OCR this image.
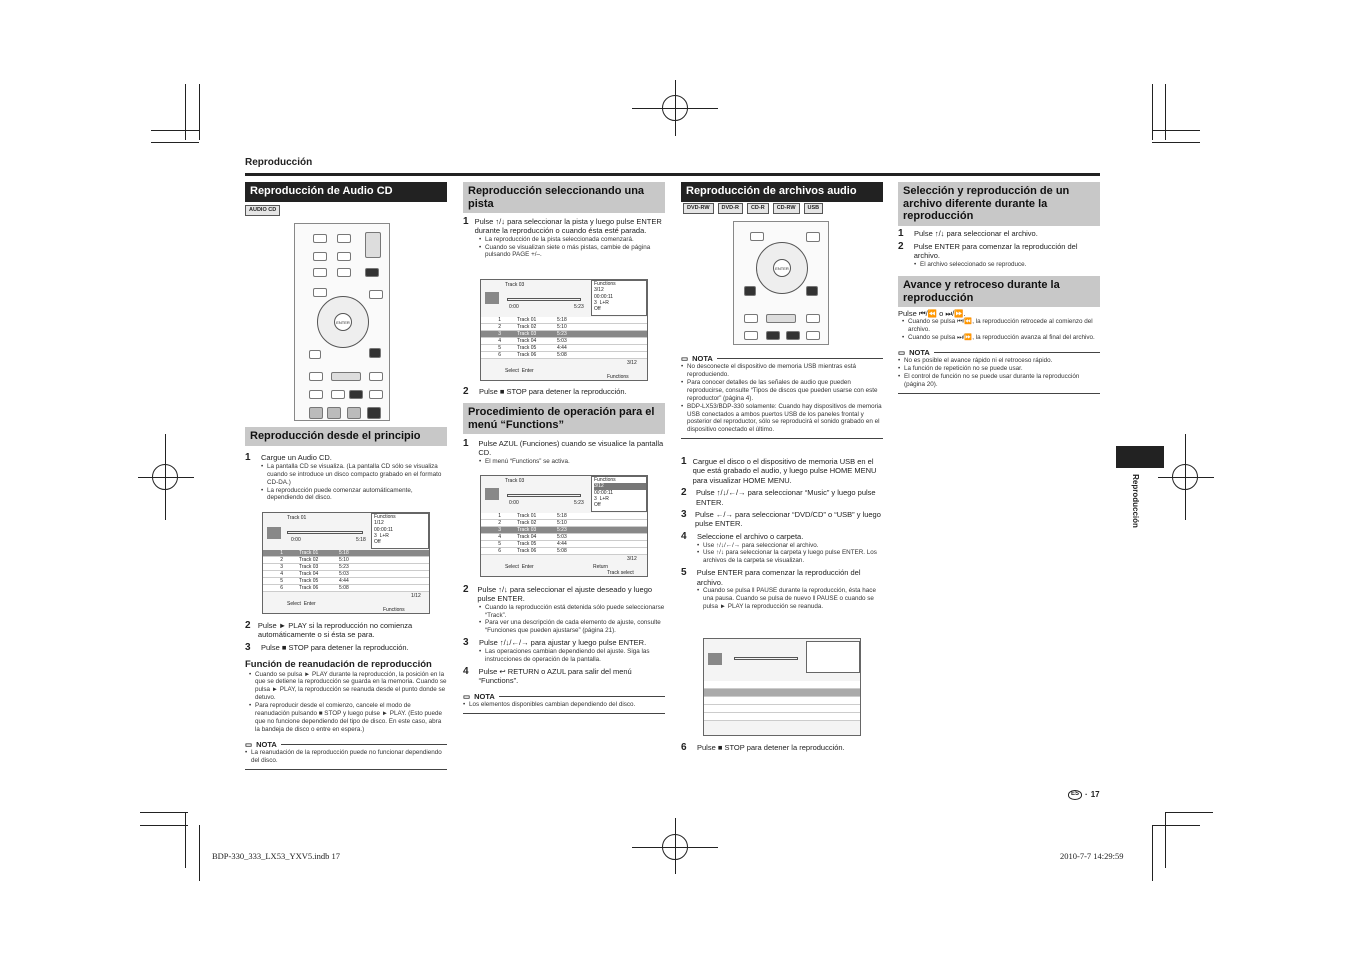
Reproducción
Reproducción de Audio CD
AUDIO CD
ENTER
Reproducción desde el principio
1	Cargue un Audio CD.
• La pantalla CD se visualiza. (La pantalla CD sólo se visualiza cuando se introduce un disco compacto grabado en el formato CD-DA.)
• La reproducción puede comenzar automáticamente, dependiendo del disco.
Track 01
0:00	5:18
Functions
1/12
00:00:11
3 L+R
Off
1	Track 01	5:18
2	Track 02	5:10
3	Track 03	5:23
4	Track 04	5:03
5	Track 05	4:44
6	Track 06	5:08
1/12
Select Enter
Functions
2 Pulse ► PLAY si la reproducción no comienza automáticamente o si ésta se para.
3	Pulse ■ STOP para detener la reproducción.
Función de reanudación de reproducción
• Cuando se pulsa ► PLAY durante la reproducción, la posición en la que se detiene la reproducción se guarda en la memoria. Cuando se pulsa ► PLAY, la reproducción se reanuda desde el punto donde se detuvo.
• Para reproducir desde el comienzo, cancele el modo de reanudación pulsando ■ STOP y luego pulse ► PLAY. (Esto puede que no funcione dependiendo del tipo de disco. En este caso, abra la bandeja de disco o entre en espera.)
▭ NOTA
• La reanudación de la reproducción puede no funcionar dependiendo del disco.
Reproducción seleccionando una pista
1 Pulse ↑/↓ para seleccionar la pista y luego pulse ENTER durante la reproducción o cuando ésta esté parada.
• La reproducción de la pista seleccionada comenzará.
• Cuando se visualizan siete o más pistas, cambie de página pulsando PAGE +/–.
Track 03
0:00	5:23
Functions
3/12
00:00:11
3 L+R
Off
1	Track 01	5:18
2	Track 02	5:10
3	Track 03	5:23
4	Track 04	5:03
5	Track 05	4:44
6	Track 06	5:08
3/12
Select Enter
Functions
2	Pulse ■ STOP para detener la reproducción.
Procedimiento de operación para el menú “Functions”
1	Pulse AZUL (Funciones) cuando se visualice la pantalla CD.
• El menú “Functions” se activa.
Track 03
0:00	5:23
Functions
3/12
00:00:11
3 L+R
Off
1	Track 01	5:18
2	Track 02	5:10
3	Track 03	5:23
4	Track 04	5:03
5	Track 05	4:44
6	Track 06	5:08
3/12
Select Enter	Return
Track select
2	Pulse ↑/↓ para seleccionar el ajuste deseado y luego pulse ENTER.
• Cuando la reproducción está detenida sólo puede seleccionarse “Track”.
• Para ver una descripción de cada elemento de ajuste, consulte “Funciones que pueden ajustarse” (página 21).
3	Pulse ↑/↓/←/→ para ajustar y luego pulse ENTER.
• Las operaciones cambian dependiendo del ajuste. Siga las instrucciones de operación de la pantalla.
4	Pulse ↩ RETURN o AZUL para salir del menú “Functions”.
▭ NOTA
• Los elementos disponibles cambian dependiendo del disco.
Reproducción de archivos audio
DVD-RW	DVD-R	CD-R	CD-RW	USB
ENTER
▭ NOTA
• No desconecte el dispositivo de memoria USB mientras está reproduciendo.
• Para conocer detalles de las señales de audio que pueden reproducirse, consulte “Tipos de discos que pueden usarse con este reproductor” (página 4).
• BDP-LX53/BDP-330 solamente: Cuando hay dispositivos de memoria USB conectados a ambos puertos USB de los paneles frontal y posterior del reproductor, sólo se reproducirá el sonido grabado en el dispositivo conectado el último.
1 Cargue el disco o el dispositivo de memoria USB en el que está grabado el audio, y luego pulse HOME MENU para visualizar HOME MENU.
2	Pulse ↑/↓/←/→ para seleccionar “Music” y luego pulse ENTER.
3	Pulse ←/→ para seleccionar “DVD/CD” o “USB” y luego pulse ENTER.
4	Seleccione el archivo o carpeta.
• Use ↑/↓/←/→ para seleccionar el archivo.
• Use ↑/↓ para seleccionar la carpeta y luego pulse ENTER. Los archivos de la carpeta se visualizan.
5	Pulse ENTER para comenzar la reproducción del archivo.
• Cuando se pulsa ‖ PAUSE durante la reproducción, ésta hace una pausa. Cuando se pulsa de nuevo ‖ PAUSE o cuando se pulsa ► PLAY la reproducción se reanuda.
6	Pulse ■ STOP para detener la reproducción.
Selección y reproducción de un archivo diferente durante la reproducción
1	Pulse ↑/↓ para seleccionar el archivo.
2	Pulse ENTER para comenzar la reproducción del archivo.
• El archivo seleccionado se reproduce.
Avance y retroceso durante la reproducción
Pulse ⏮/⏪ o ⏭/⏩.
• Cuando se pulsa ⏮/⏪, la reproducción retrocede al comienzo del archivo.
• Cuando se pulsa ⏭/⏩, la reproducción avanza al final del archivo.
▭ NOTA
• No es posible el avance rápido ni el retroceso rápido.
• La función de repetición no se puede usar.
• El control de función no se puede usar durante la reproducción (página 20).
Reproducción
ES · 17
BDP-330_333_LX53_YXV5.indb 17	2010-7-7 14:29:59
